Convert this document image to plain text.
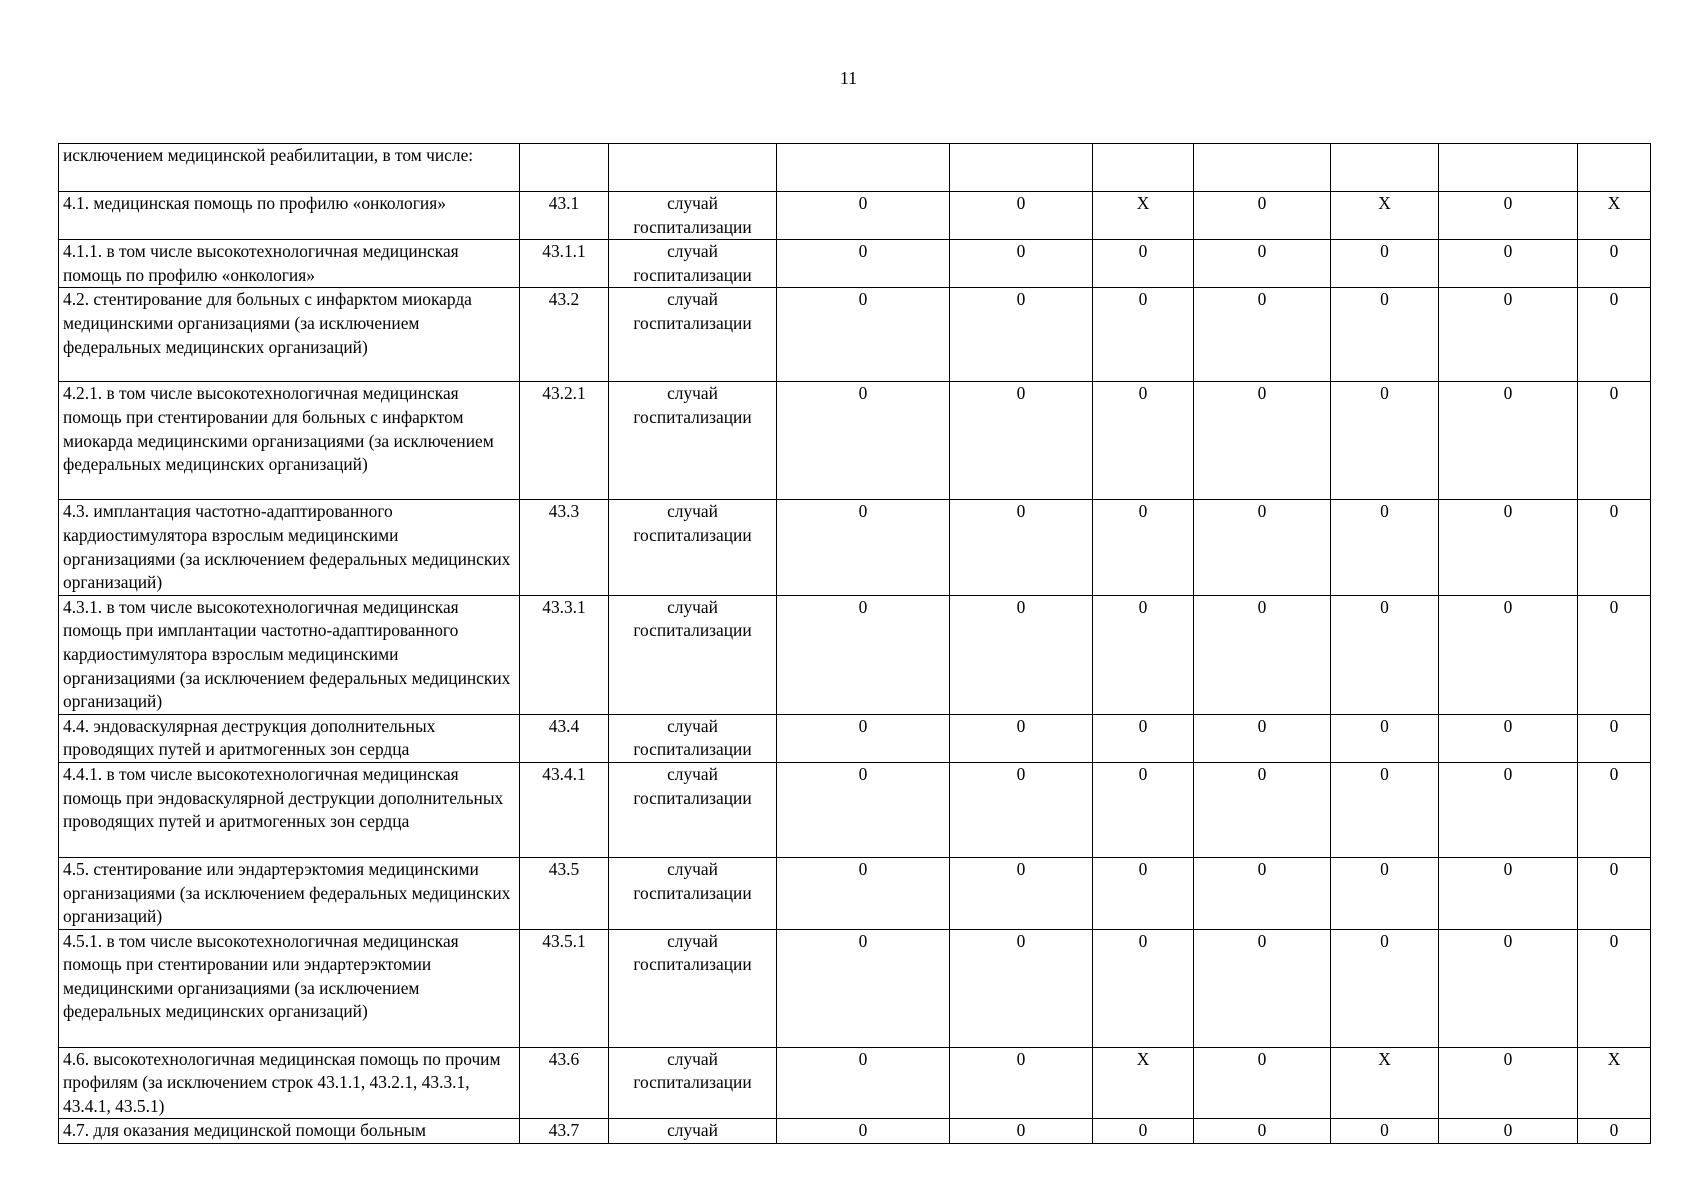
11
исключением медицинской реабилитации, в том числе:									
4.1. медицинская помощь по профилю «онкология»	43.1	случай госпитализации	0	0	X	0	X	0	X
4.1.1. в том числе высокотехнологичная медицинская помощь по профилю «онкология»	43.1.1	случай госпитализации	0	0	0	0	0	0	0
4.2. стентирование для больных с инфарктом миокарда медицинскими организациями (за исключением федеральных медицинских организаций)	43.2	случай госпитализации	0	0	0	0	0	0	0
4.2.1. в том числе высокотехнологичная медицинская помощь при стентировании для больных с инфарктом миокарда медицинскими организациями (за исключением федеральных медицинских организаций)	43.2.1	случай госпитализации	0	0	0	0	0	0	0
4.3. имплантация частотно-адаптированного кардиостимулятора взрослым медицинскими организациями (за исключением федеральных медицинских организаций)	43.3	случай госпитализации	0	0	0	0	0	0	0
4.3.1. в том числе высокотехнологичная медицинская помощь при имплантации частотно-адаптированного кардиостимулятора взрослым медицинскими организациями (за исключением федеральных медицинских организаций)	43.3.1	случай госпитализации	0	0	0	0	0	0	0
4.4. эндоваскулярная деструкция дополнительных проводящих путей и аритмогенных зон сердца	43.4	случай госпитализации	0	0	0	0	0	0	0
4.4.1. в том числе высокотехнологичная медицинская помощь при эндоваскулярной деструкции дополнительных проводящих путей и аритмогенных зон сердца	43.4.1	случай госпитализации	0	0	0	0	0	0	0
4.5. стентирование или эндартерэктомия медицинскими организациями (за исключением федеральных медицинских организаций)	43.5	случай госпитализации	0	0	0	0	0	0	0
4.5.1. в том числе высокотехнологичная медицинская помощь при стентировании или эндартерэктомии медицинскими организациями (за исключением федеральных медицинских организаций)	43.5.1	случай госпитализации	0	0	0	0	0	0	0
4.6. высокотехнологичная медицинская помощь по прочим профилям (за исключением строк 43.1.1, 43.2.1, 43.3.1, 43.4.1, 43.5.1)	43.6	случай госпитализации	0	0	X	0	X	0	X
4.7. для оказания медицинской помощи больным	43.7	случай	0	0	0	0	0	0	0
